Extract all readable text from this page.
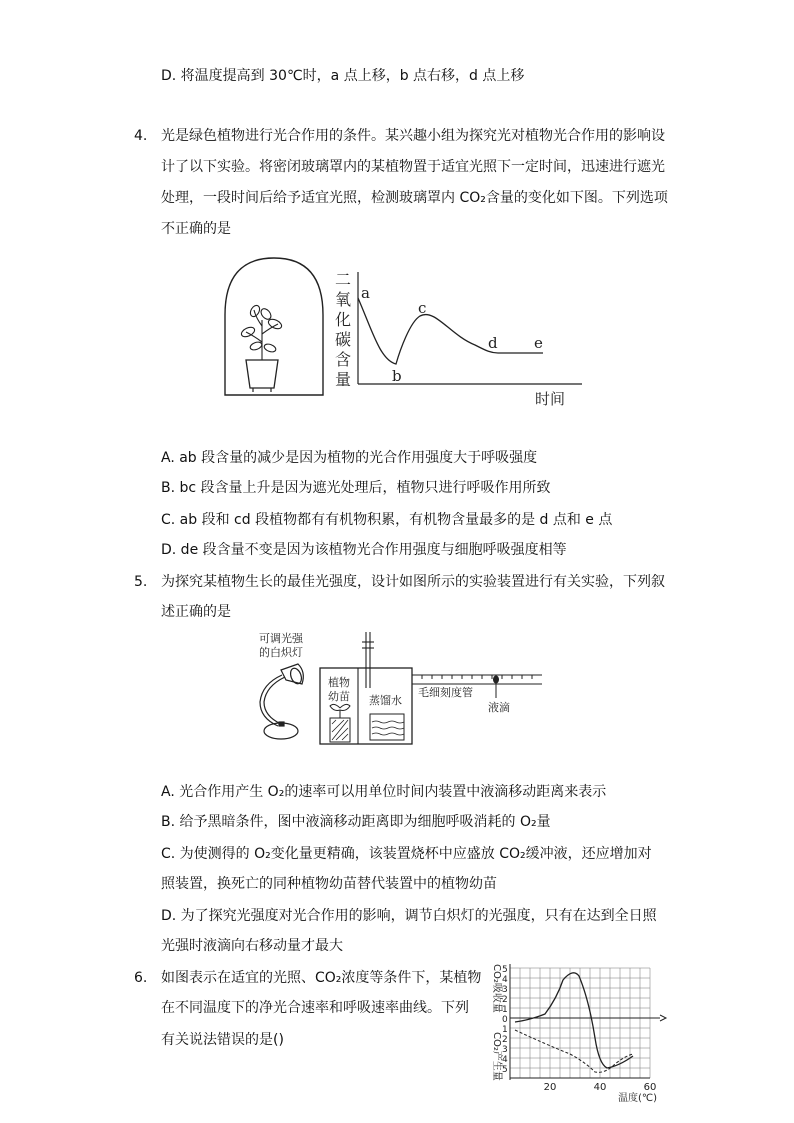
D. 将温度提高到 30℃时，a 点上移，b 点右移，d 点上移
4. 光是绿色植物进行光合作用的条件。某兴趣小组为探究光对植物光合作用的影响设
计了以下实验。将密闭玻璃罩内的某植物置于适宜光照下一定时间，迅速进行遮光
处理，一段时间后给予适宜光照，检测玻璃罩内 CO₂含量的变化如下图。下列选项
不正确的是
二
氧
化
碳
含
量
a
b
c
d e
时间
A. ab 段含量的减少是因为植物的光合作用强度大于呼吸强度
B. bc 段含量上升是因为遮光处理后，植物只进行呼吸作用所致
C. ab 段和 cd 段植物都有有机物积累，有机物含量最多的是 d 点和 e 点
D. de 段含量不变是因为该植物光合作用强度与细胞呼吸强度相等
5. 为探究某植物生长的最佳光强度，设计如图所示的实验装置进行有关实验，下列叙
述正确的是
可调光强
的白炽灯
植物
幼苗 蒸馏水
毛细刻度管
液滴
A. 光合作用产生 O₂的速率可以用单位时间内装置中液滴移动距离来表示
B. 给予黑暗条件，图中液滴移动距离即为细胞呼吸消耗的 O₂量
C. 为使测得的 O₂变化量更精确，该装置烧杯中应盛放 CO₂缓冲液，还应增加对
照装置，换死亡的同种植物幼苗替代装置中的植物幼苗
D. 为了探究光强度对光合作用的影响，调节白炽灯的光强度，只有在达到全日照
光强时液滴向右移动量才最大
6. 如图表示在适宜的光照、CO₂浓度等条件下，某植物
在不同温度下的净光合速率和呼吸速率曲线。下列
有关说法错误的是()
CO₂吸收量
CO₂产生量
5
4
3
2
1
0
1
2
3
4
5
20	40	60
温度(℃)
